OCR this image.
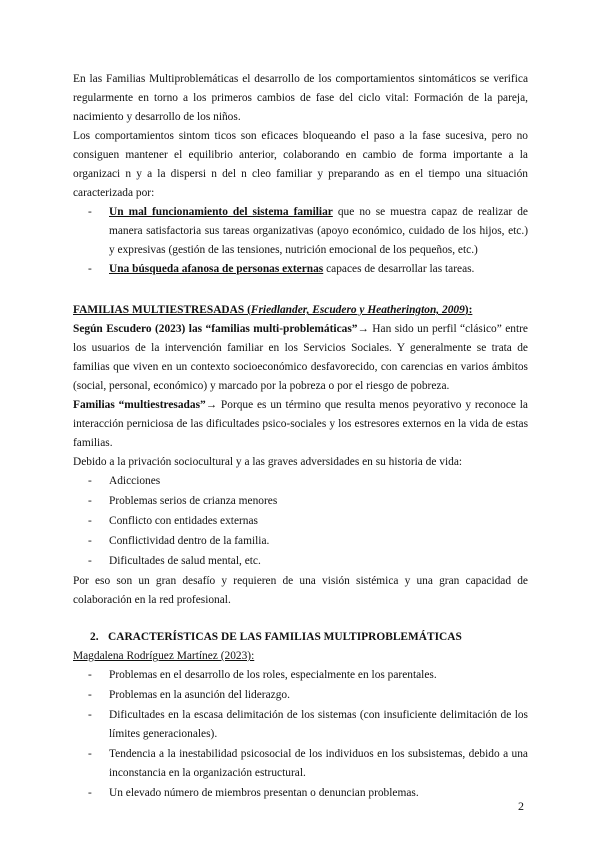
En las Familias Multiproblemáticas el desarrollo de los comportamientos sintomáticos se verifica regularmente en torno a los primeros cambios de fase del ciclo vital: Formación de la pareja, nacimiento y desarrollo de los niños.

Los comportamientos sintom ticos son eficaces bloqueando el paso a la fase sucesiva, pero no consiguen mantener el equilibrio anterior, colaborando en cambio de forma importante a la organizaci n y a la dispersi n del n cleo familiar y preparando as en el tiempo una situación caracterizada por:

- Un mal funcionamiento del sistema familiar que no se muestra capaz de realizar de manera satisfactoria sus tareas organizativas (apoyo económico, cuidado de los hijos, etc.) y expresivas (gestión de las tensiones, nutrición emocional de los pequeños, etc.)
- Una búsqueda afanosa de personas externas capaces de desarrollar las tareas.

FAMILIAS MULTIESTRESADAS (Friedlander, Escudero y Heatherington, 2009):

Según Escudero (2023) las “familias multi-problemáticas”→ Han sido un perfil “clásico” entre los usuarios de la intervención familiar en los Servicios Sociales. Y generalmente se trata de familias que viven en un contexto socioeconómico desfavorecido, con carencias en varios ámbitos (social, personal, económico) y marcado por la pobreza o por el riesgo de pobreza.

Familias “multiestresadas”→ Porque es un término que resulta menos peyorativo y reconoce la interacción perniciosa de las dificultades psico-sociales y los estresores externos en la vida de estas familias.

Debido a la privación sociocultural y a las graves adversidades en su historia de vida:

- Adicciones
- Problemas serios de crianza menores
- Conflicto con entidades externas
- Conflictividad dentro de la familia.
- Dificultades de salud mental, etc.

Por eso son un gran desafío y requieren de una visión sistémica y una gran capacidad de colaboración en la red profesional.

2. CARACTERÍSTICAS DE LAS FAMILIAS MULTIPROBLEMÁTICAS

Magdalena Rodríguez Martínez (2023):

- Problemas en el desarrollo de los roles, especialmente en los parentales.
- Problemas en la asunción del liderazgo.
- Dificultades en la escasa delimitación de los sistemas (con insuficiente delimitación de los límites generacionales).
- Tendencia a la inestabilidad psicosocial de los individuos en los subsistemas, debido a una inconstancia en la organización estructural.
- Un elevado número de miembros presentan o denuncian problemas.
2
